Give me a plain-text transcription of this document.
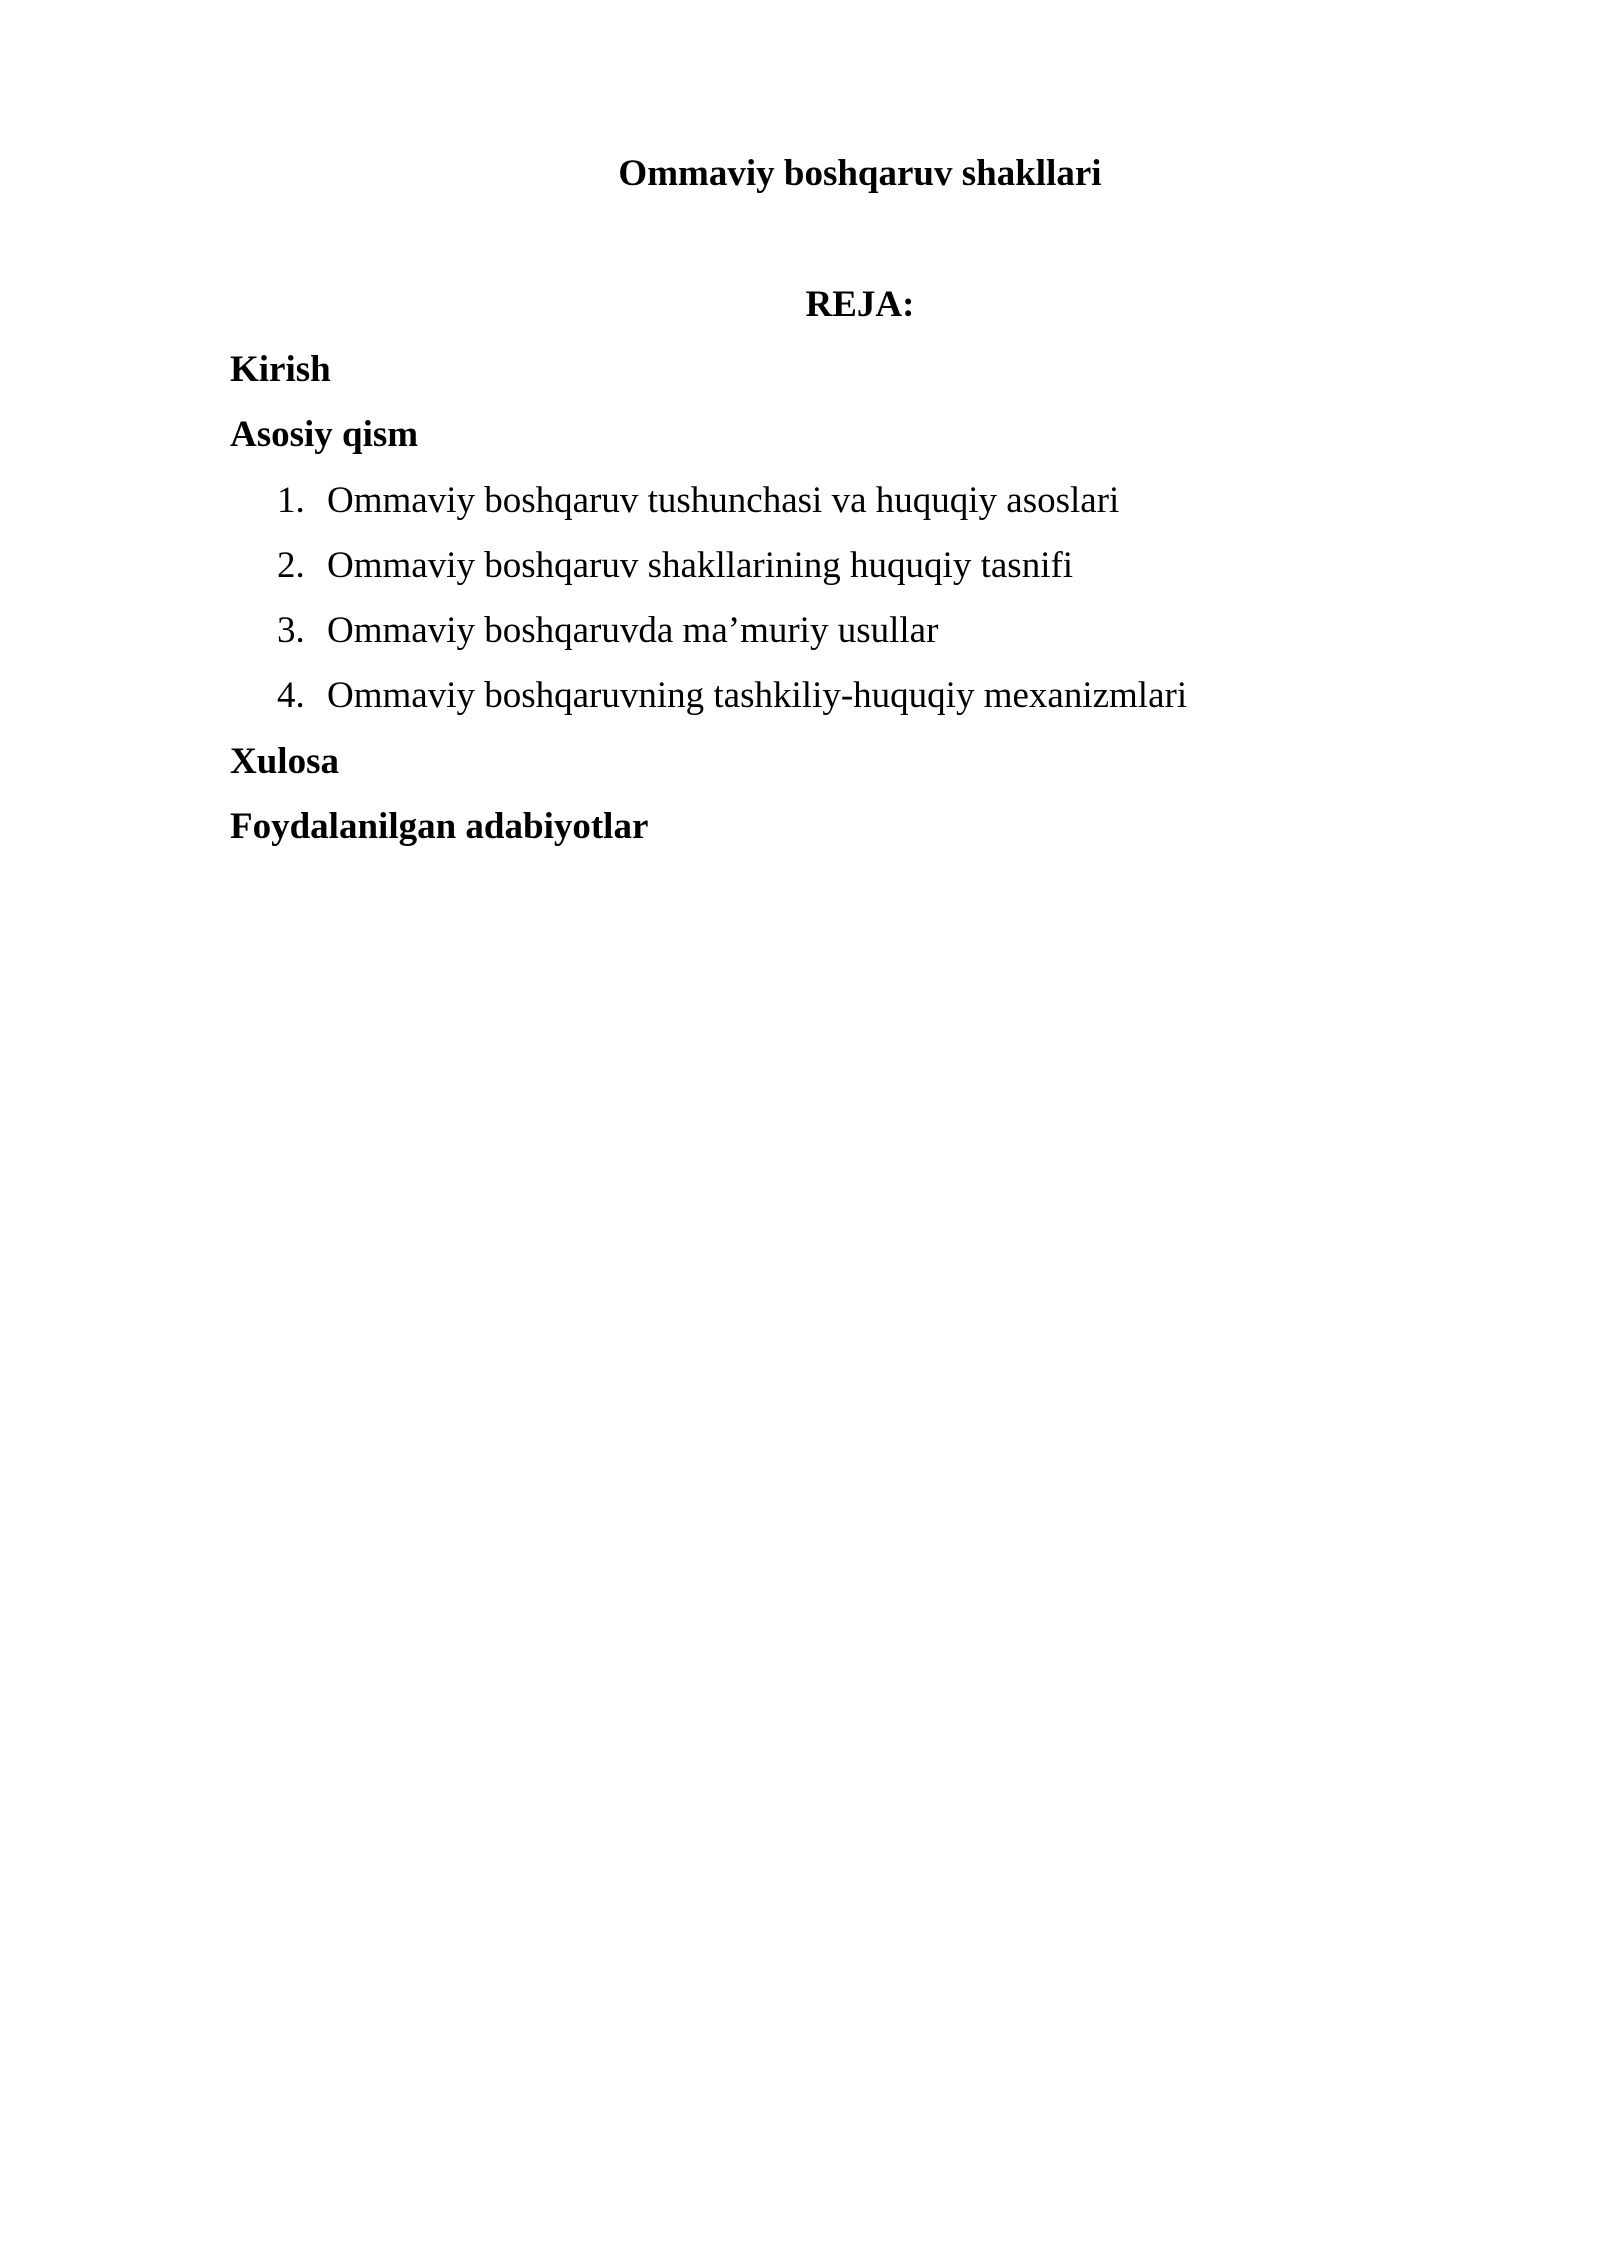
Ommaviy boshqaruv shakllari
REJA:
Kirish
Asosiy qism
1. Ommaviy boshqaruv tushunchasi va huquqiy asoslari
2. Ommaviy boshqaruv shakllarining huquqiy tasnifi
3. Ommaviy boshqaruvda ma’muriy usullar
4. Ommaviy boshqaruvning tashkiliy-huquqiy mexanizmlari
Xulosa
Foydalanilgan adabiyotlar
